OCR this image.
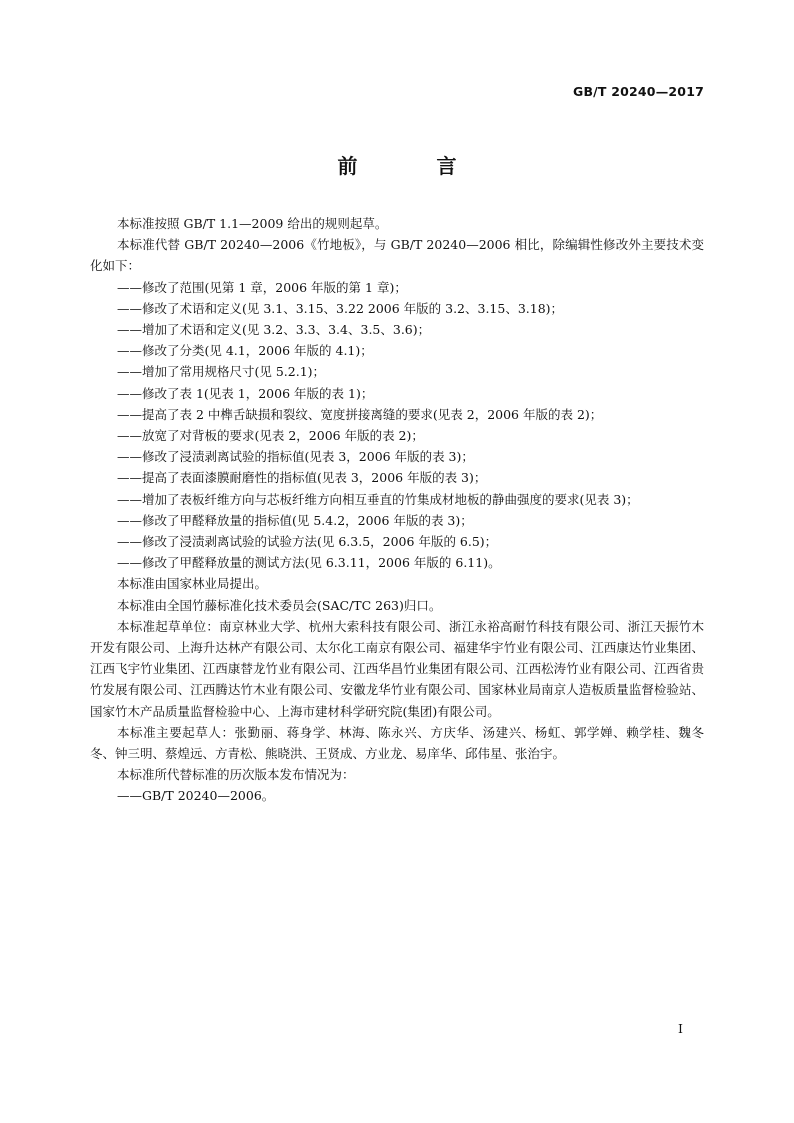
GB/T 20240—2017
前 言

本标准按照 GB/T 1.1—2009 给出的规则起草。

本标准代替 GB/T 20240—2006《竹地板》，与 GB/T 20240—2006 相比，除编辑性修改外主要技术变化如下：

——修改了范围(见第 1 章，2006 年版的第 1 章)；

——修改了术语和定义(见 3.1、3.15、3.22 2006 年版的 3.2、3.15、3.18)；

——增加了术语和定义(见 3.2、3.3、3.4、3.5、3.6)；

——修改了分类(见 4.1，2006 年版的 4.1)；

——增加了常用规格尺寸(见 5.2.1)；

——修改了表 1(见表 1，2006 年版的表 1)；

——提高了表 2 中榫舌缺损和裂纹、宽度拼接离缝的要求(见表 2，2006 年版的表 2)；

——放宽了对背板的要求(见表 2，2006 年版的表 2)；

——修改了浸渍剥离试验的指标值(见表 3，2006 年版的表 3)；

——提高了表面漆膜耐磨性的指标值(见表 3，2006 年版的表 3)；

——增加了表板纤维方向与芯板纤维方向相互垂直的竹集成材地板的静曲强度的要求(见表 3)；

——修改了甲醛释放量的指标值(见 5.4.2，2006 年版的表 3)；

——修改了浸渍剥离试验的试验方法(见 6.3.5，2006 年版的 6.5)；

——修改了甲醛释放量的测试方法(见 6.3.11，2006 年版的 6.11)。

本标准由国家林业局提出。

本标准由全国竹藤标准化技术委员会(SAC/TC 263)归口。

本标准起草单位：南京林业大学、杭州大索科技有限公司、浙江永裕高耐竹科技有限公司、浙江天振竹木开发有限公司、上海升达林产有限公司、太尔化工南京有限公司、福建华宇竹业有限公司、江西康达竹业集团、江西飞宇竹业集团、江西康替龙竹业有限公司、江西华昌竹业集团有限公司、江西松涛竹业有限公司、江西省贵竹发展有限公司、江西腾达竹木业有限公司、安徽龙华竹业有限公司、国家林业局南京人造板质量监督检验站、国家竹木产品质量监督检验中心、上海市建材科学研究院(集团)有限公司。

本标准主要起草人：张勤丽、蒋身学、林海、陈永兴、方庆华、汤建兴、杨虹、郭学婵、赖学桂、魏冬冬、钟三明、蔡煌远、方青松、熊晓洪、王贤成、方业龙、易庠华、邱伟星、张治宇。

本标准所代替标准的历次版本发布情况为：

——GB/T 20240—2006。

I
